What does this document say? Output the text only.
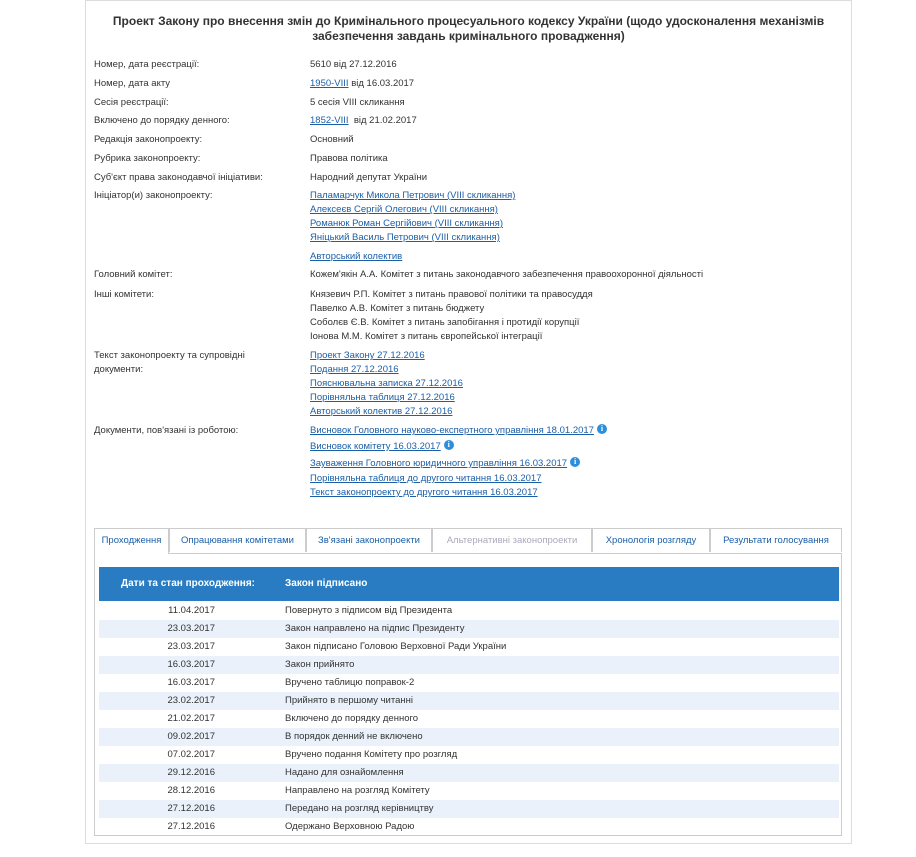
Проект Закону про внесення змін до Кримінального процесуального кодексу України (щодо удосконалення механізмів забезпечення завдань кримінального провадження)
Номер, дата реєстрації:	5610 від 27.12.2016
Номер, дата акту	1950-VIII від 16.03.2017
Сесія реєстрації:	5 сесія VIII скликання
Включено до порядку денного:	1852-VIII  від 21.02.2017
Редакція законопроекту:	Основний
Рубрика законопроекту:	Правова політика
Суб'єкт права законодавчої ініціативи:	Народний депутат України
Ініціатор(и) законопроекту:	Паламарчук Микола Петрович (VIII скликання)
Алексеєв Сергій Олегович (VIII скликання)
Романюк Роман Сергійович (VIII скликання)
Яніцький Василь Петрович (VIII скликання)
Авторський колектив
Головний комітет:	Кожем'якін А.А. Комітет з питань законодавчого забезпечення правоохоронної діяльності
Інші комітети:	Князевич Р.П. Комітет з питань правової політики та правосуддя
Павелко А.В. Комітет з питань бюджету
Соболєв Є.В. Комітет з питань запобігання і протидії корупції
Іонова М.М. Комітет з питань європейської інтеграції
Текст законопроекту та супровідні
документи:
Проект Закону 27.12.2016
Подання 27.12.2016
Пояснювальна записка 27.12.2016
Порівняльна таблиця 27.12.2016
Авторський колектив 27.12.2016
Документи, пов'язані із роботою:	Висновок Головного науково-експертного управління 18.01.2017 i
Висновок комітету 16.03.2017 i
Зауваження Головного юридичного управління 16.03.2017 i
Порівняльна таблиця до другого читання 16.03.2017
Текст законопроекту до другого читання 16.03.2017
Проходження	Опрацювання комітетами	Зв'язані законопроекти	Альтернативні законопроекти	Хронологія розгляду	Результати голосування
Дати та стан проходження:	Закон підписано
11.04.2017	Повернуто з підписом від Президента
23.03.2017	Закон направлено на підпис Президенту
23.03.2017	Закон підписано Головою Верховної Ради України
16.03.2017	Закон прийнято
16.03.2017	Вручено таблицю поправок-2
23.02.2017	Прийнято в першому читанні
21.02.2017	Включено до порядку денного
09.02.2017	В порядок денний не включено
07.02.2017	Вручено подання Комітету про розгляд
29.12.2016	Надано для ознайомлення
28.12.2016	Направлено на розгляд Комітету
27.12.2016	Передано на розгляд керівництву
27.12.2016	Одержано Верховною Радою
